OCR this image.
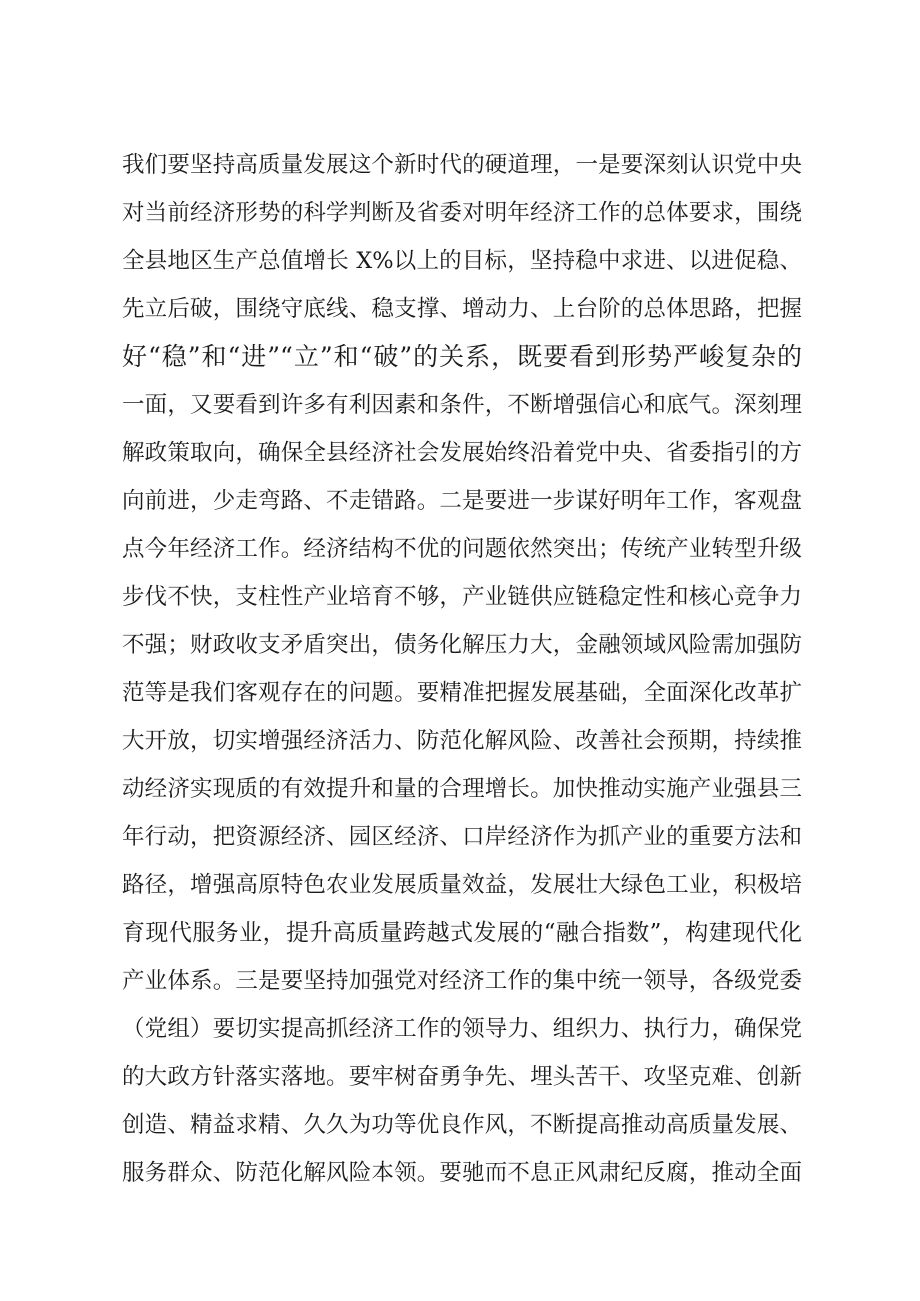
我们要坚持高质量发展这个新时代的硬道理，一是要深刻认识党中央
对当前经济形势的科学判断及省委对明年经济工作的总体要求，围绕
全县地区生产总值增长 X%以上的目标，坚持稳中求进、以进促稳、
先立后破，围绕守底线、稳支撑、增动力、上台阶的总体思路，把握
好“稳”和“进”“立”和“破”的关系，既要看到形势严峻复杂的
一面，又要看到许多有利因素和条件，不断增强信心和底气。深刻理
解政策取向，确保全县经济社会发展始终沿着党中央、省委指引的方
向前进，少走弯路、不走错路。二是要进一步谋好明年工作，客观盘
点今年经济工作。经济结构不优的问题依然突出；传统产业转型升级
步伐不快，支柱性产业培育不够，产业链供应链稳定性和核心竞争力
不强；财政收支矛盾突出，债务化解压力大，金融领域风险需加强防
范等是我们客观存在的问题。要精准把握发展基础，全面深化改革扩
大开放，切实增强经济活力、防范化解风险、改善社会预期，持续推
动经济实现质的有效提升和量的合理增长。加快推动实施产业强县三
年行动，把资源经济、园区经济、口岸经济作为抓产业的重要方法和
路径，增强高原特色农业发展质量效益，发展壮大绿色工业，积极培
育现代服务业，提升高质量跨越式发展的“融合指数”，构建现代化
产业体系。三是要坚持加强党对经济工作的集中统一领导，各级党委
（党组）要切实提高抓经济工作的领导力、组织力、执行力，确保党
的大政方针落实落地。要牢树奋勇争先、埋头苦干、攻坚克难、创新
创造、精益求精、久久为功等优良作风，不断提高推动高质量发展、
服务群众、防范化解风险本领。要驰而不息正风肃纪反腐，推动全面
